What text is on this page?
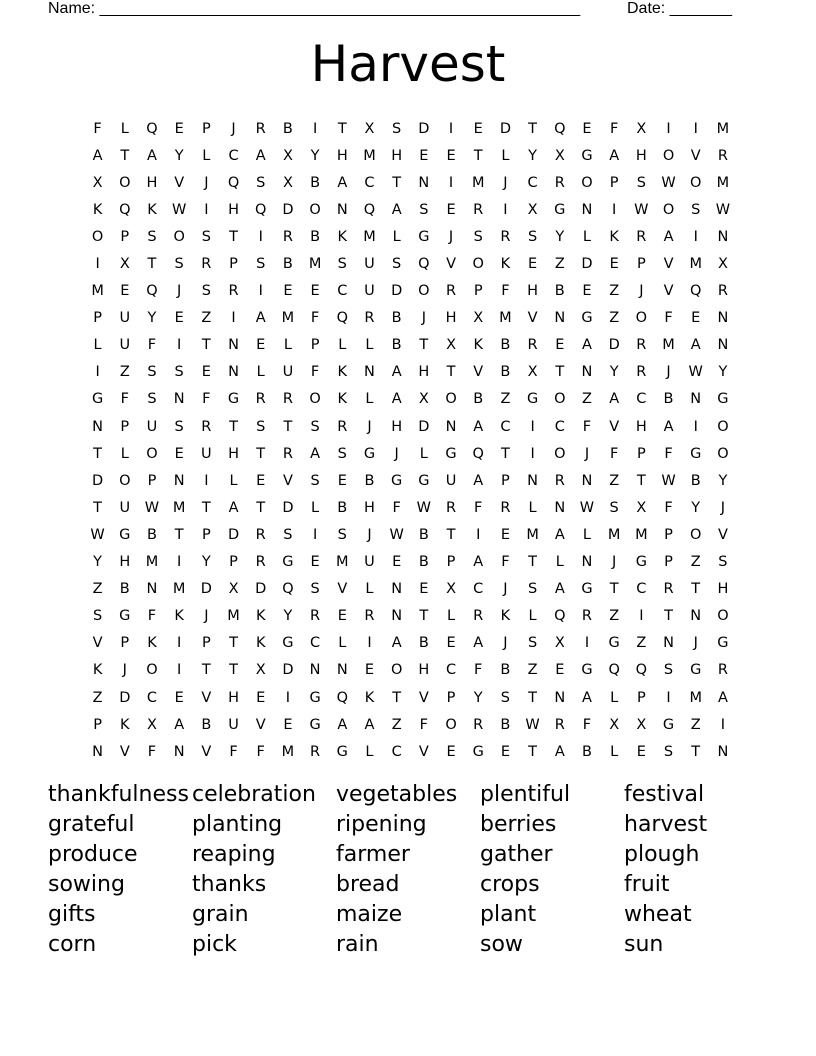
Name: ______________________________________________________	Date: _______
Harvest
F	L	Q	E	P	J	R	B	I	T	X	S	D	I	E	D	T	Q	E	F	X	I	I	M
A	T	A	Y	L	C	A	X	Y	H	M	H	E	E	T	L	Y	X	G	A	H	O	V	R
X	O	H	V	J	Q	S	X	B	A	C	T	N	I	M	J	C	R	O	P	S	W O	M
K	Q	K	W	I	H	Q	D	O	N	Q	A	S	E	R	I	X	G	N	I	W O	S	W
O	P	S	O	S	T	I	R	B	K	M	L	G	J	S	R	S	Y	L	K	R	A	I	N
I	X	T	S	R	P	S	B	M	S	U	S	Q	V	O	K	E	Z	D	E	P	V	M	X
M	E	Q	J	S	R	I	E	E	C	U	D	O	R	P	F	H	B	E	Z	J	V	Q	R
P	U	Y	E	Z	I	A	M	F	Q	R	B	J	H	X	M	V	N	G	Z	O	F	E	N
L	U	F	I	T	N	E	L	P	L	L	B	T	X	K	B	R	E	A	D	R	M	A	N
I	Z	S	S	E	N	L	U	F	K	N	A	H	T	V	B	X	T	N	Y	R	J	W	Y
G	F	S	N	F	G	R	R	O	K	L	A	X	O	B	Z	G	O	Z	A	C	B	N	G
N	P	U	S	R	T	S	T	S	R	J	H	D	N	A	C	I	C	F	V	H	A	I	O
T	L	O	E	U	H	T	R	A	S	G	J	L	G	Q	T	I	O	J	F	P	F	G	O
D	O	P	N	I	L	E	V	S	E	B	G	G	U	A	P	N	R	N	Z	T	W	B	Y
T	U	W M	T	A	T	D	L	B	H	F	W	R	F	R	L	N	W	S	X	F	Y	J
W G	B	T	P	D	R	S	I	S	J	W	B	T	I	E	M	A	L	M	M	P	O	V
Y	H	M	I	Y	P	R	G	E	M	U	E	B	P	A	F	T	L	N	J	G	P	Z	S
Z	B	N	M	D	X	D	Q	S	V	L	N	E	X	C	J	S	A	G	T	C	R	T	H
S	G	F	K	J	M	K	Y	R	E	R	N	T	L	R	K	L	Q	R	Z	I	T	N	O
V	P	K	I	P	T	K	G	C	L	I	A	B	E	A	J	S	X	I	G	Z	N	J	G
K	J	O	I	T	T	X	D	N	N	E	O	H	C	F	B	Z	E	G	Q	Q	S	G	R
Z	D	C	E	V	H	E	I	G	Q	K	T	V	P	Y	S	T	N	A	L	P	I	M	A
P	K	X	A	B	U	V	E	G	A	A	Z	F	O	R	B	W	R	F	X	X	G	Z	I
N	V	F	N	V	F	F	M	R	G	L	C	V	E	G	E	T	A	B	L	E	S	T	N
thankfulness celebration vegetables	plentiful	festival
grateful	planting	ripening	berries	harvest
produce	reaping	farmer	gather	plough
sowing	thanks	bread	crops	fruit
gifts	grain	maize	plant	wheat
corn	pick	rain	sow	sun
